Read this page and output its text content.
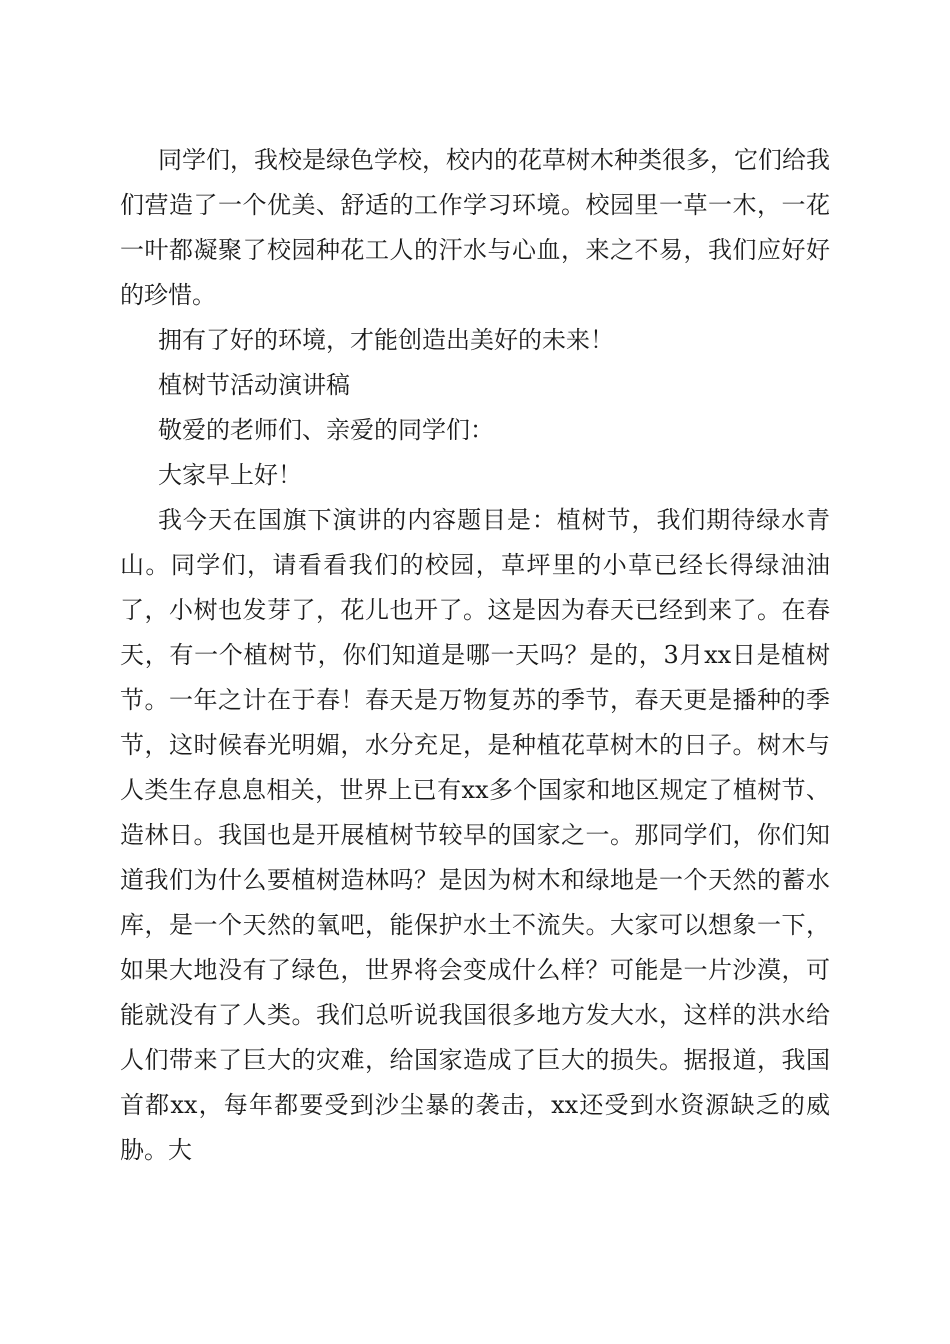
同学们，我校是绿色学校，校内的花草树木种类很多，它们给我们营造了一个优美、舒适的工作学习环境。校园里一草一木，一花一叶都凝聚了校园种花工人的汗水与心血，来之不易，我们应好好的珍惜。

拥有了好的环境，才能创造出美好的未来！

植树节活动演讲稿

敬爱的老师们、亲爱的同学们：

大家早上好！

我今天在国旗下演讲的内容题目是：植树节，我们期待绿水青山。同学们，请看看我们的校园，草坪里的小草已经长得绿油油了，小树也发芽了，花儿也开了。这是因为春天已经到来了。在春天，有一个植树节，你们知道是哪一天吗？是的，3月xx日是植树节。一年之计在于春！春天是万物复苏的季节，春天更是播种的季节，这时候春光明媚，水分充足，是种植花草树木的日子。树木与人类生存息息相关，世界上已有xx多个国家和地区规定了植树节、造林日。我国也是开展植树节较早的国家之一。那同学们，你们知道我们为什么要植树造林吗？是因为树木和绿地是一个天然的蓄水库，是一个天然的氧吧，能保护水土不流失。大家可以想象一下，如果大地没有了绿色，世界将会变成什么样？可能是一片沙漠，可能就没有了人类。我们总听说我国很多地方发大水，这样的洪水给人们带来了巨大的灾难，给国家造成了巨大的损失。据报道，我国首都xx，每年都要受到沙尘暴的袭击，xx还受到水资源缺乏的威胁。大
